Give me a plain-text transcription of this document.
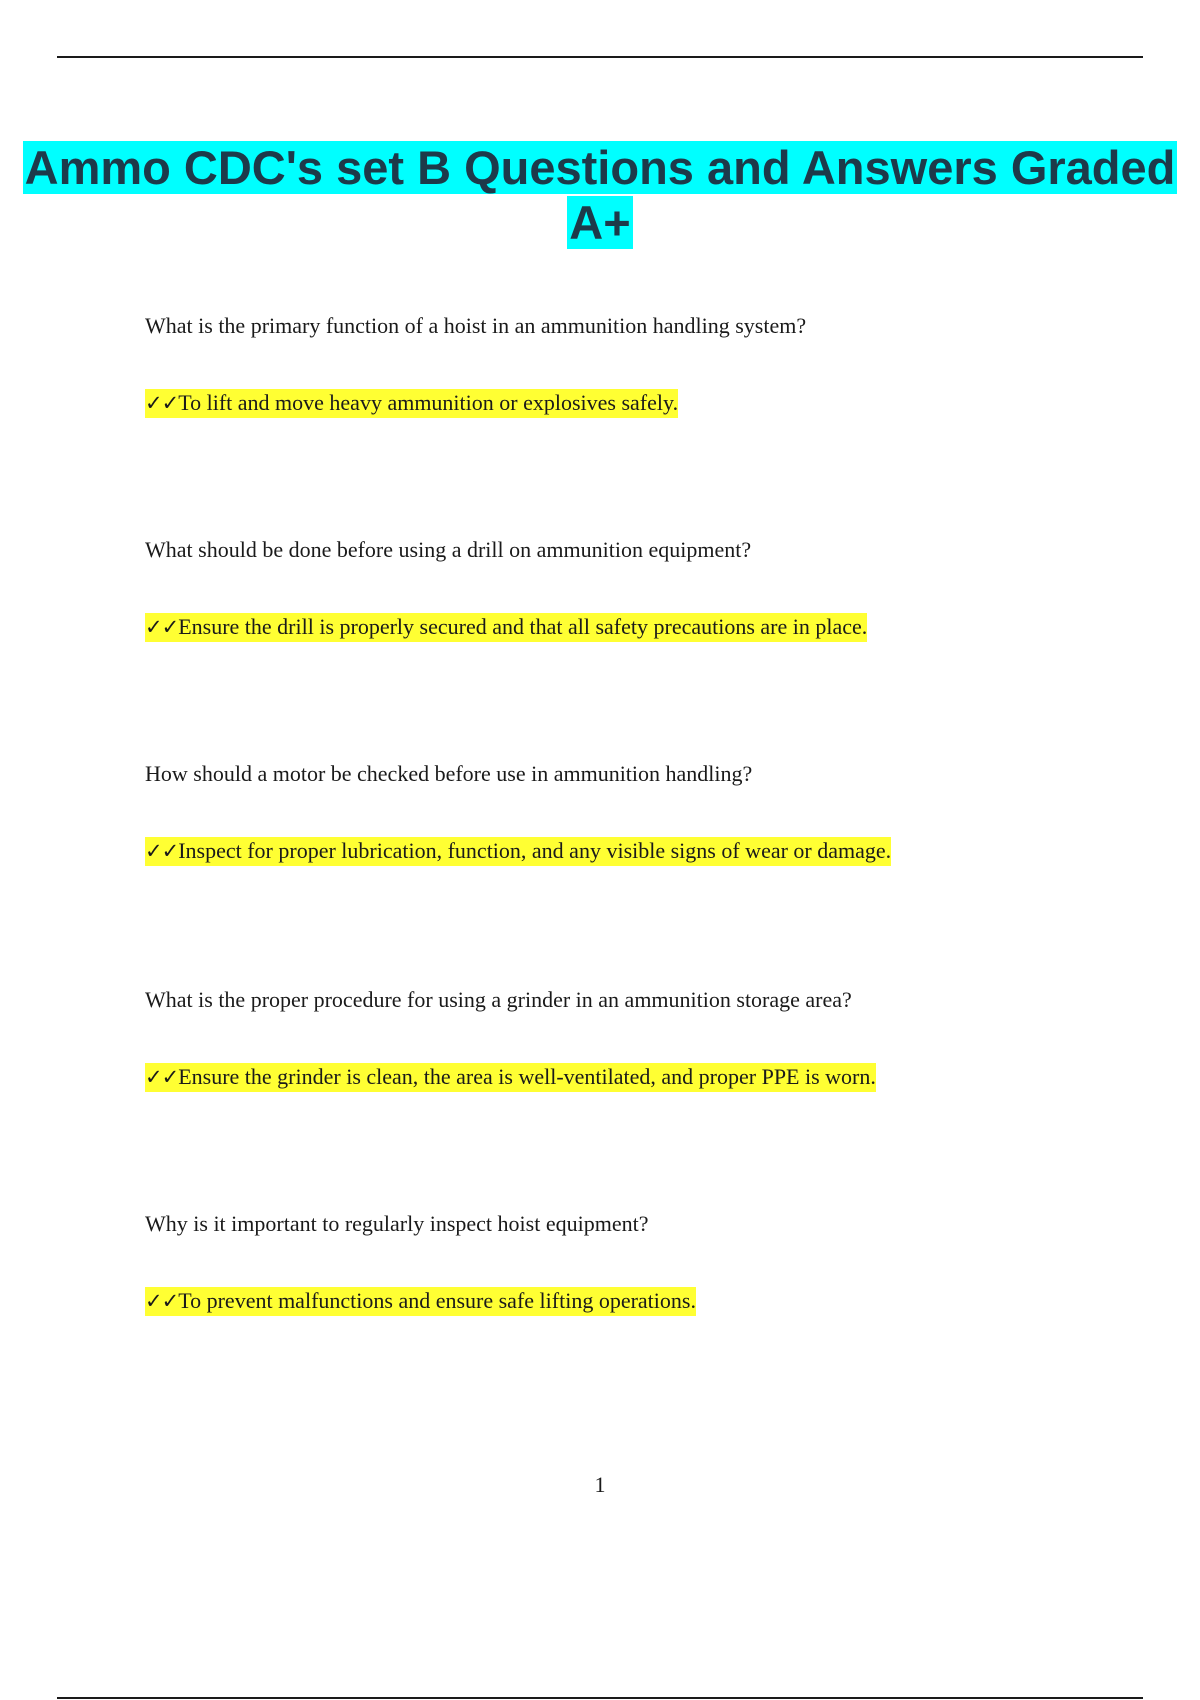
Ammo CDC's set B Questions and Answers Graded A+

What is the primary function of a hoist in an ammunition handling system?

✓✓To lift and move heavy ammunition or explosives safely.

What should be done before using a drill on ammunition equipment?

✓✓Ensure the drill is properly secured and that all safety precautions are in place.

How should a motor be checked before use in ammunition handling?

✓✓Inspect for proper lubrication, function, and any visible signs of wear or damage.

What is the proper procedure for using a grinder in an ammunition storage area?

✓✓Ensure the grinder is clean, the area is well-ventilated, and proper PPE is worn.

Why is it important to regularly inspect hoist equipment?

✓✓To prevent malfunctions and ensure safe lifting operations.

1
